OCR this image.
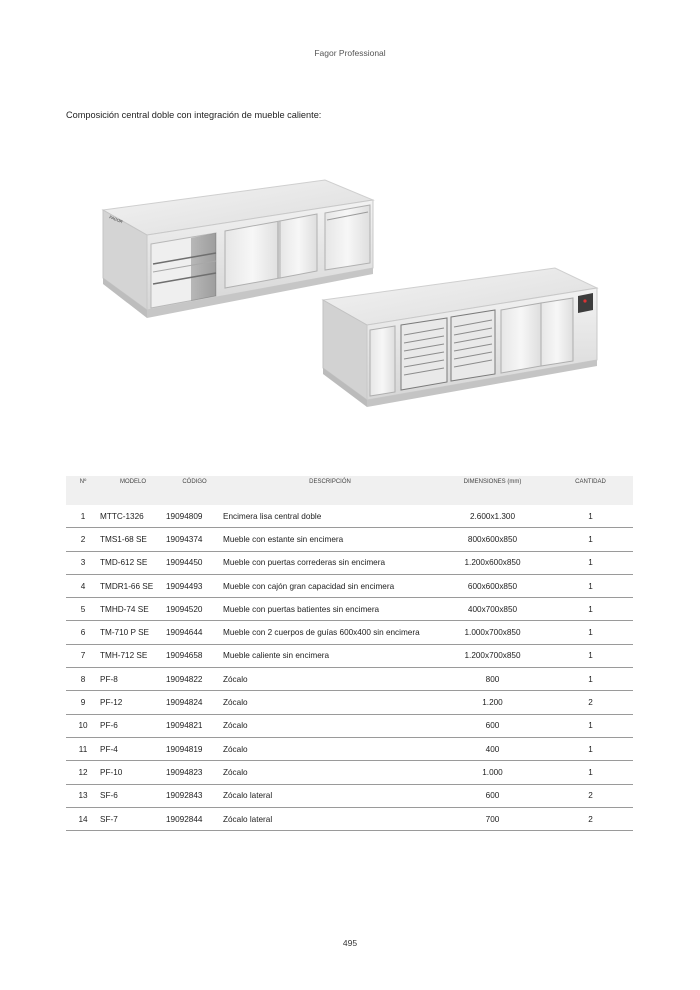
Fagor Professional
Composición central doble con integración de mueble caliente:
FAGOR
Nº	MODELO	CÓDIGO	DESCRIPCIÓN	DIMENSIONES (mm)	CANTIDAD
1	MTTC-1326	19094809	Encimera lisa central doble	2.600x1.300	1
2	TMS1-68 SE	19094374	Mueble con estante sin encimera	800x600x850	1
3	TMD-612 SE	19094450	Mueble con puertas correderas sin encimera	1.200x600x850	1
4	TMDR1-66 SE	19094493	Mueble con cajón gran capacidad sin encimera	600x600x850	1
5	TMHD-74 SE	19094520	Mueble con puertas batientes sin encimera	400x700x850	1
6	TM-710 P SE	19094644	Mueble con 2 cuerpos de guías 600x400 sin encimera	1.000x700x850	1
7	TMH-712 SE	19094658	Mueble caliente sin encimera	1.200x700x850	1
8	PF-8	19094822	Zócalo	800	1
9	PF-12	19094824	Zócalo	1.200	2
10	PF-6	19094821	Zócalo	600	1
11	PF-4	19094819	Zócalo	400	1
12	PF-10	19094823	Zócalo	1.000	1
13	SF-6	19092843	Zócalo lateral	600	2
14	SF-7	19092844	Zócalo lateral	700	2
495
